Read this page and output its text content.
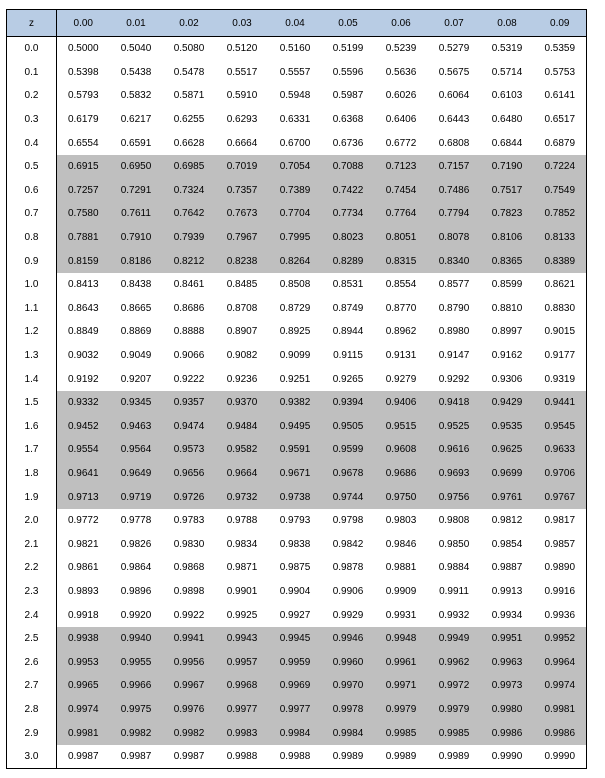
z	0.00	0.01	0.02	0.03	0.04	0.05	0.06	0.07	0.08	0.09
0.0	0.5000	0.5040	0.5080	0.5120	0.5160	0.5199	0.5239	0.5279	0.5319	0.5359
0.1	0.5398	0.5438	0.5478	0.5517	0.5557	0.5596	0.5636	0.5675	0.5714	0.5753
0.2	0.5793	0.5832	0.5871	0.5910	0.5948	0.5987	0.6026	0.6064	0.6103	0.6141
0.3	0.6179	0.6217	0.6255	0.6293	0.6331	0.6368	0.6406	0.6443	0.6480	0.6517
0.4	0.6554	0.6591	0.6628	0.6664	0.6700	0.6736	0.6772	0.6808	0.6844	0.6879
0.5	0.6915	0.6950	0.6985	0.7019	0.7054	0.7088	0.7123	0.7157	0.7190	0.7224
0.6	0.7257	0.7291	0.7324	0.7357	0.7389	0.7422	0.7454	0.7486	0.7517	0.7549
0.7	0.7580	0.7611	0.7642	0.7673	0.7704	0.7734	0.7764	0.7794	0.7823	0.7852
0.8	0.7881	0.7910	0.7939	0.7967	0.7995	0.8023	0.8051	0.8078	0.8106	0.8133
0.9	0.8159	0.8186	0.8212	0.8238	0.8264	0.8289	0.8315	0.8340	0.8365	0.8389
1.0	0.8413	0.8438	0.8461	0.8485	0.8508	0.8531	0.8554	0.8577	0.8599	0.8621
1.1	0.8643	0.8665	0.8686	0.8708	0.8729	0.8749	0.8770	0.8790	0.8810	0.8830
1.2	0.8849	0.8869	0.8888	0.8907	0.8925	0.8944	0.8962	0.8980	0.8997	0.9015
1.3	0.9032	0.9049	0.9066	0.9082	0.9099	0.9115	0.9131	0.9147	0.9162	0.9177
1.4	0.9192	0.9207	0.9222	0.9236	0.9251	0.9265	0.9279	0.9292	0.9306	0.9319
1.5	0.9332	0.9345	0.9357	0.9370	0.9382	0.9394	0.9406	0.9418	0.9429	0.9441
1.6	0.9452	0.9463	0.9474	0.9484	0.9495	0.9505	0.9515	0.9525	0.9535	0.9545
1.7	0.9554	0.9564	0.9573	0.9582	0.9591	0.9599	0.9608	0.9616	0.9625	0.9633
1.8	0.9641	0.9649	0.9656	0.9664	0.9671	0.9678	0.9686	0.9693	0.9699	0.9706
1.9	0.9713	0.9719	0.9726	0.9732	0.9738	0.9744	0.9750	0.9756	0.9761	0.9767
2.0	0.9772	0.9778	0.9783	0.9788	0.9793	0.9798	0.9803	0.9808	0.9812	0.9817
2.1	0.9821	0.9826	0.9830	0.9834	0.9838	0.9842	0.9846	0.9850	0.9854	0.9857
2.2	0.9861	0.9864	0.9868	0.9871	0.9875	0.9878	0.9881	0.9884	0.9887	0.9890
2.3	0.9893	0.9896	0.9898	0.9901	0.9904	0.9906	0.9909	0.9911	0.9913	0.9916
2.4	0.9918	0.9920	0.9922	0.9925	0.9927	0.9929	0.9931	0.9932	0.9934	0.9936
2.5	0.9938	0.9940	0.9941	0.9943	0.9945	0.9946	0.9948	0.9949	0.9951	0.9952
2.6	0.9953	0.9955	0.9956	0.9957	0.9959	0.9960	0.9961	0.9962	0.9963	0.9964
2.7	0.9965	0.9966	0.9967	0.9968	0.9969	0.9970	0.9971	0.9972	0.9973	0.9974
2.8	0.9974	0.9975	0.9976	0.9977	0.9977	0.9978	0.9979	0.9979	0.9980	0.9981
2.9	0.9981	0.9982	0.9982	0.9983	0.9984	0.9984	0.9985	0.9985	0.9986	0.9986
3.0	0.9987	0.9987	0.9987	0.9988	0.9988	0.9989	0.9989	0.9989	0.9990	0.9990
